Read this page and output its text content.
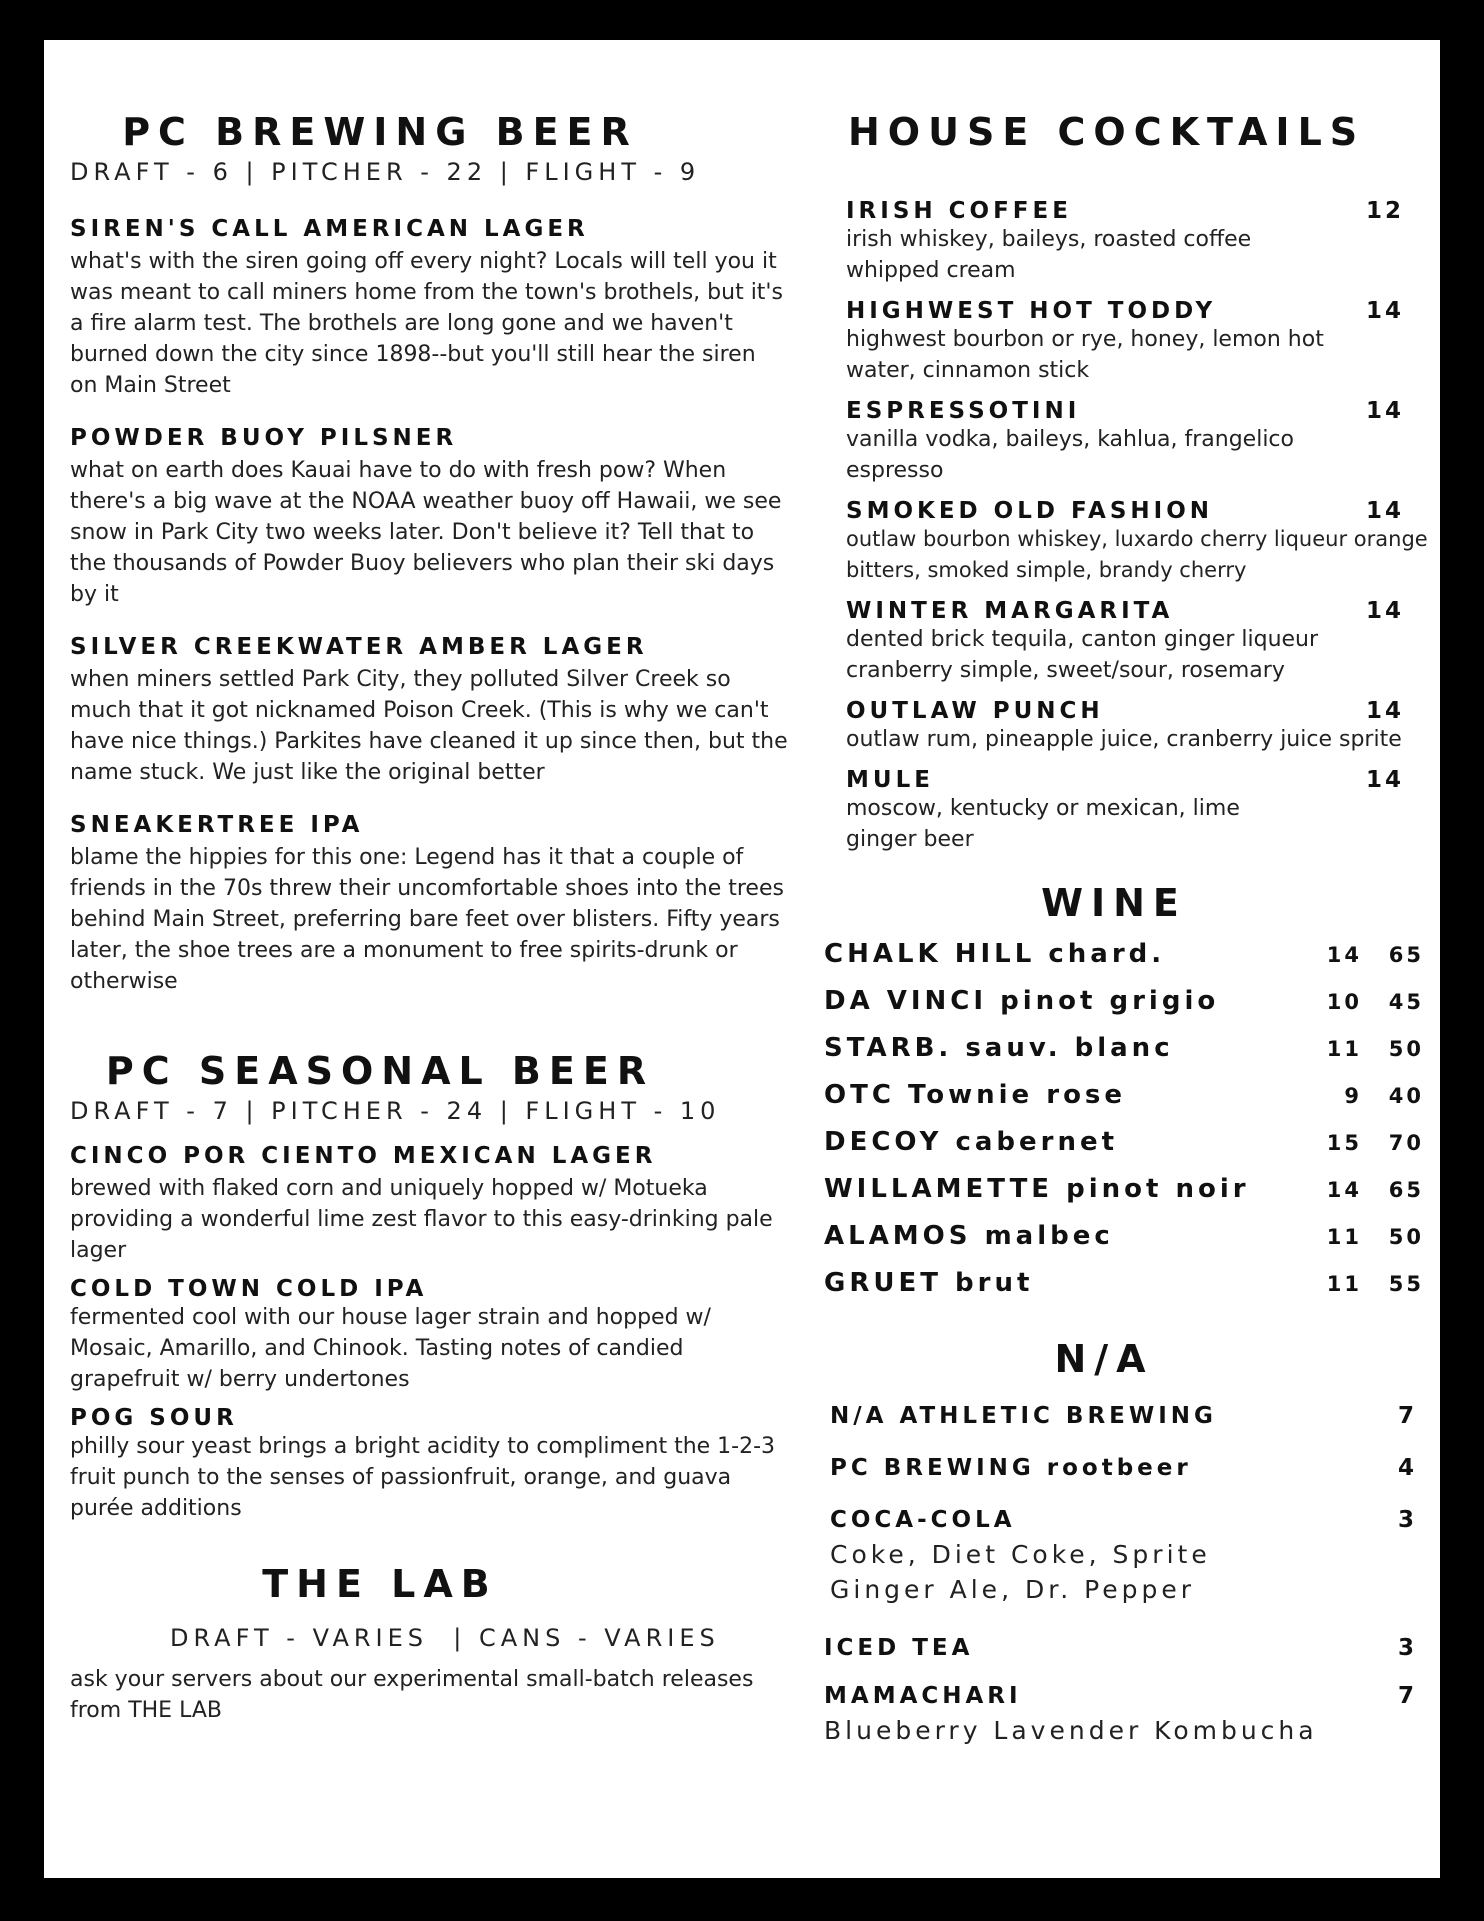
PC BREWING BEER
DRAFT - 6 | PITCHER - 22 | FLIGHT - 9
SIREN'S CALL AMERICAN LAGER
what's with the siren going off every night? Locals will tell you it was meant to call miners home from the town's brothels, but it's a fire alarm test. The brothels are long gone and we haven't burned down the city since 1898--but you'll still hear the siren on Main Street
POWDER BUOY PILSNER
what on earth does Kauai have to do with fresh pow? When there's a big wave at the NOAA weather buoy off Hawaii, we see snow in Park City two weeks later. Don't believe it? Tell that to the thousands of Powder Buoy believers who plan their ski days by it
SILVER CREEKWATER AMBER LAGER
when miners settled Park City, they polluted Silver Creek so much that it got nicknamed Poison Creek. (This is why we can't have nice things.) Parkites have cleaned it up since then, but the name stuck. We just like the original better
SNEAKERTREE IPA
blame the hippies for this one: Legend has it that a couple of friends in the 70s threw their uncomfortable shoes into the trees behind Main Street, preferring bare feet over blisters. Fifty years later, the shoe trees are a monument to free spirits-drunk or otherwise
PC SEASONAL BEER
DRAFT - 7 | PITCHER - 24 | FLIGHT - 10
CINCO POR CIENTO MEXICAN LAGER
brewed with flaked corn and uniquely hopped w/ Motueka providing a wonderful lime zest flavor to this easy-drinking pale lager
COLD TOWN COLD IPA
fermented cool with our house lager strain and hopped w/ Mosaic, Amarillo, and Chinook. Tasting notes of candied grapefruit w/ berry undertones
POG SOUR
philly sour yeast brings a bright acidity to compliment the 1-2-3 fruit punch to the senses of passionfruit, orange, and guava purée additions
THE LAB
DRAFT - VARIES  | CANS - VARIES
ask your servers about our experimental small-batch releases from THE LAB
HOUSE COCKTAILS
IRISH COFFEE	12
irish whiskey, baileys, roasted coffee whipped cream
HIGHWEST HOT TODDY	14
highwest bourbon or rye, honey, lemon hot water, cinnamon stick
ESPRESSOTINI	14
vanilla vodka, baileys, kahlua, frangelico espresso
SMOKED OLD FASHION	14
outlaw bourbon whiskey, luxardo cherry liqueur orange bitters, smoked simple, brandy cherry
WINTER MARGARITA	14
dented brick tequila, canton ginger liqueur cranberry simple, sweet/sour, rosemary
OUTLAW PUNCH	14
outlaw rum, pineapple juice, cranberry juice sprite
MULE	14
moscow, kentucky or mexican, lime ginger beer
WINE
CHALK HILL chard.	14	65
DA VINCI pinot grigio	10	45
STARB. sauv. blanc	11	50
OTC Townie rose	9	40
DECOY cabernet	15	70
WILLAMETTE pinot noir	14	65
ALAMOS malbec	11	50
GRUET brut	11	55
N/A
N/A ATHLETIC BREWING	7
PC BREWING rootbeer	4
COCA-COLA	3
Coke, Diet Coke, Sprite Ginger Ale, Dr. Pepper
ICED TEA	3
MAMACHARI	7
Blueberry Lavender Kombucha
